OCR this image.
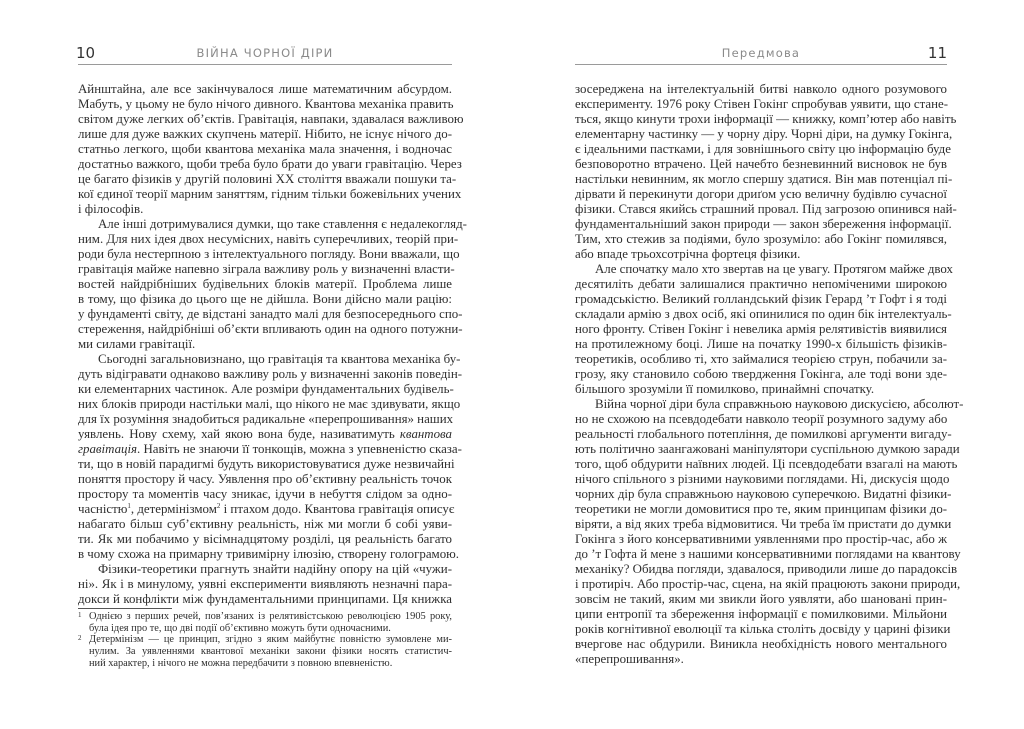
10	ВІЙНА ЧОРНОЇ ДІРИ
Айнштайна, але все закінчувалося лише математичним абсурдом.
Мабуть, у цьому не було нічого дивного. Квантова механіка править
світом дуже легких об’єктів. Гравітація, навпаки, здавалася важливою
лише для дуже важких скупчень матерії. Нібито, не існує нічого до-
статньо легкого, щоби квантова механіка мала значення, і водночас
достатньо важкого, щоби треба було брати до уваги гравітацію. Через
це багато фізиків у другій половині XX століття вважали пошуки та-
кої єдиної теорії марним заняттям, гідним тільки божевільних учених
і філософів.
Але інші дотримувалися думки, що таке ставлення є недалекогляд-
ним. Для них ідея двох несумісних, навіть суперечливих, теорій при-
роди була нестерпною з інтелектуального погляду. Вони вважали, що
гравітація майже напевно зіграла важливу роль у визначенні власти-
востей найдрібніших будівельних блоків матерії. Проблема лише
в тому, що фізика до цього ще не дійшла. Вони дійсно мали рацію:
у фундаменті світу, де відстані занадто малі для безпосереднього спо-
стереження, найдрібніші об’єкти впливають один на одного потужни-
ми силами гравітації.
Сьогодні загальновизнано, що гравітація та квантова механіка бу-
дуть відігравати однаково важливу роль у визначенні законів поведін-
ки елементарних частинок. Але розміри фундаментальних будівель-
них блоків природи настільки малі, що нікого не має здивувати, якщо
для їх розуміння знадобиться радикальне «перепрошивання» наших
уявлень. Нову схему, хай якою вона буде, називатимуть квантова
гравітація. Навіть не знаючи її тонкощів, можна з упевненістю сказа-
ти, що в новій парадигмі будуть використовуватися дуже незвичайні
поняття простору й часу. Уявлення про об’єктивну реальність точок
простору та моментів часу зникає, ідучи в небуття слідом за одно-
часністю$^1$, детермінізмом$^2$ і птахом додо. Квантова гравітація описує
набагато більш суб’єктивну реальність, ніж ми могли б собі уяви-
ти. Як ми побачимо у вісімнадцятому розділі, ця реальність багато
в чому схожа на примарну тривимірну ілюзію, створену голограмою.
Фізики-теоретики прагнуть знайти надійну опору на цій «чужи-
ні». Як і в минулому, уявні експерименти виявляють незначні пара-
докси й конфлікти між фундаментальними принципами. Ця книжка
1 Однією з перших речей, пов’язаних із релятивістською революцією 1905 року,
була ідея про те, що дві події об’єктивно можуть бути одночасними.
2 Детермінізм — це принцип, згідно з яким майбутнє повністю зумовлене ми-
нулим. За уявленнями квантової механіки закони фізики носять статистич-
ний характер, і нічого не можна передбачити з повною впевненістю.
Передмова	11
зосереджена на інтелектуальній битві навколо одного розумового
експерименту. 1976 року Стівен Гокінг спробував уявити, що стане-
ться, якщо кинути трохи інформації — книжку, комп’ютер або навіть
елементарну частинку — у чорну діру. Чорні діри, на думку Гокінга,
є ідеальними пастками, і для зовнішнього світу цю інформацію буде
безповоротно втрачено. Цей начебто безневинний висновок не був
настільки невинним, як могло спершу здатися. Він мав потенціал пі-
дірвати й перекинути догори дриґом усю величну будівлю сучасної
фізики. Стався якийсь страшний провал. Під загрозою опинився най-
фундаментальніший закон природи — закон збереження інформації.
Тим, хто стежив за подіями, було зрозуміло: або Гокінг помилявся,
або впаде трьохсотрічна фортеця фізики.
Але спочатку мало хто звертав на це увагу. Протягом майже двох
десятиліть дебати залишалися практично непоміченими широкою
громадськістю. Великий голландський фізик Герард ’т Гофт і я тоді
складали армію з двох осіб, які опинилися по один бік інтелектуаль-
ного фронту. Стівен Гокінг і невелика армія релятивістів виявилися
на протилежному боці. Лише на початку 1990-х більшість фізиків-
теоретиків, особливо ті, хто займалися теорією струн, побачили за-
грозу, яку становило собою твердження Гокінга, але тоді вони зде-
більшого зрозуміли її помилково, принаймні спочатку.
Війна чорної діри була справжньою науковою дискусією, абсолют-
но не схожою на псевдодебати навколо теорії розумного задуму або
реальності глобального потепління, де помилкові аргументи вигаду-
ють політично заангажовані маніпулятори суспільною думкою заради
того, щоб обдурити наївних людей. Ці псевдодебати взагалі на мають
нічого спільного з різними науковими поглядами. Ні, дискусія щодо
чорних дір була справжньою науковою суперечкою. Видатні фізики-
теоретики не могли домовитися про те, яким принципам фізики до-
віряти, а від яких треба відмовитися. Чи треба їм пристати до думки
Гокінга з його консервативними уявленнями про простір-час, або ж
до ’т Гофта й мене з нашими консервативними поглядами на квантову
механіку? Обидва погляди, здавалося, приводили лише до парадоксів
і протиріч. Або простір-час, сцена, на якій працюють закони природи,
зовсім не такий, яким ми звикли його уявляти, або шановані прин-
ципи ентропії та збереження інформації є помилковими. Мільйони
років когнітивної еволюції та кілька століть досвіду у царині фізики
вчергове нас обдурили. Виникла необхідність нового ментального
«перепрошивання».
